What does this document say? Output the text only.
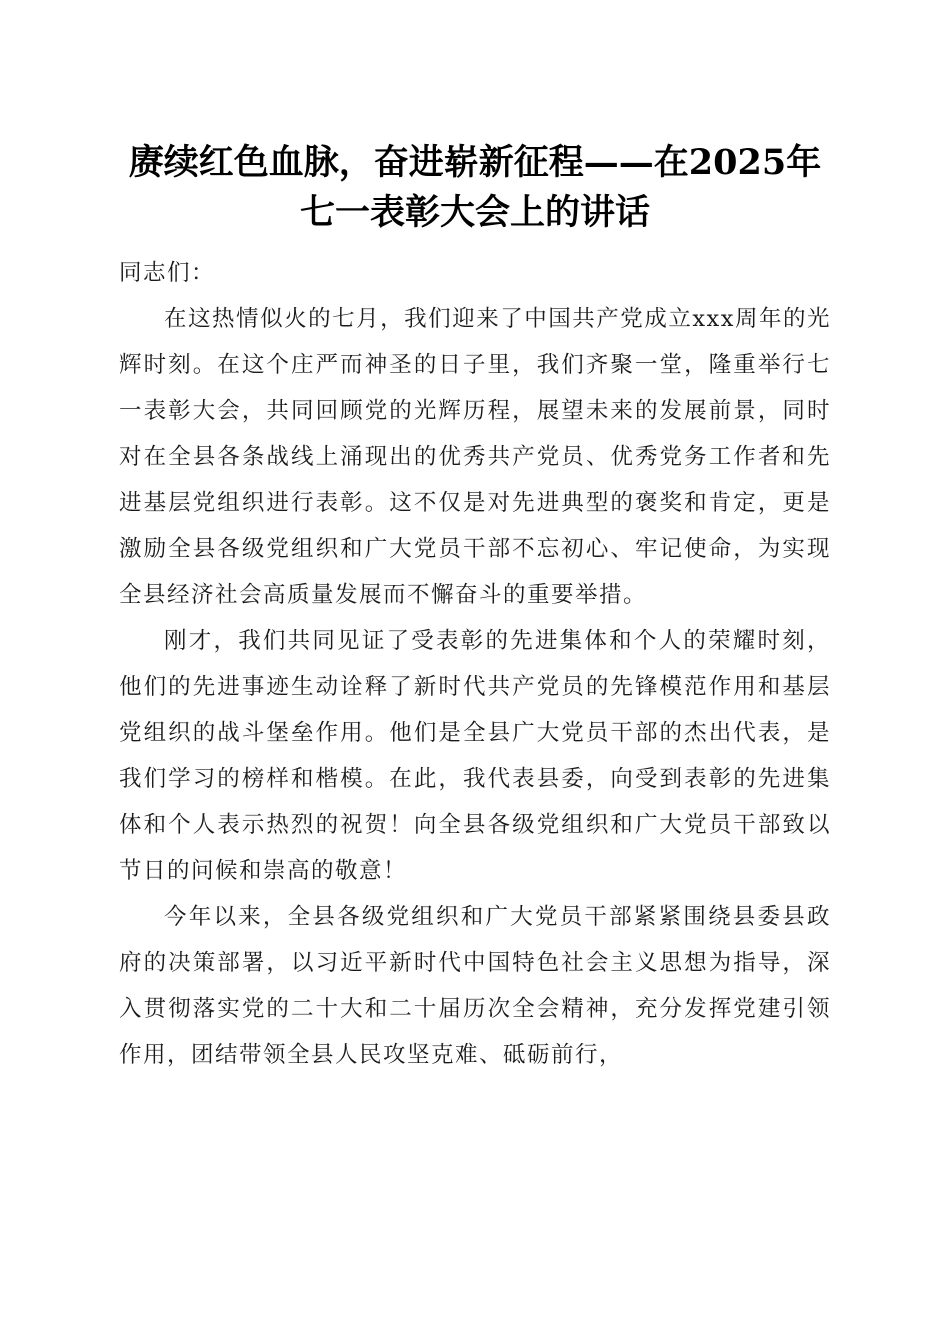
赓续红色血脉，奋进崭新征程——在2025年
七一表彰大会上的讲话

同志们：

在这热情似火的七月，我们迎来了中国共产党成立xxx周年的光辉时刻。在这个庄严而神圣的日子里，我们齐聚一堂，隆重举行七一表彰大会，共同回顾党的光辉历程，展望未来的发展前景，同时对在全县各条战线上涌现出的优秀共产党员、优秀党务工作者和先进基层党组织进行表彰。这不仅是对先进典型的褒奖和肯定，更是激励全县各级党组织和广大党员干部不忘初心、牢记使命，为实现全县经济社会高质量发展而不懈奋斗的重要举措。

刚才，我们共同见证了受表彰的先进集体和个人的荣耀时刻，他们的先进事迹生动诠释了新时代共产党员的先锋模范作用和基层党组织的战斗堡垒作用。他们是全县广大党员干部的杰出代表，是我们学习的榜样和楷模。在此，我代表县委，向受到表彰的先进集体和个人表示热烈的祝贺！向全县各级党组织和广大党员干部致以节日的问候和崇高的敬意！

今年以来，全县各级党组织和广大党员干部紧紧围绕县委县政府的决策部署，以习近平新时代中国特色社会主义思想为指导，深入贯彻落实党的二十大和二十届历次全会精神，充分发挥党建引领作用，团结带领全县人民攻坚克难、砥砺前行，
